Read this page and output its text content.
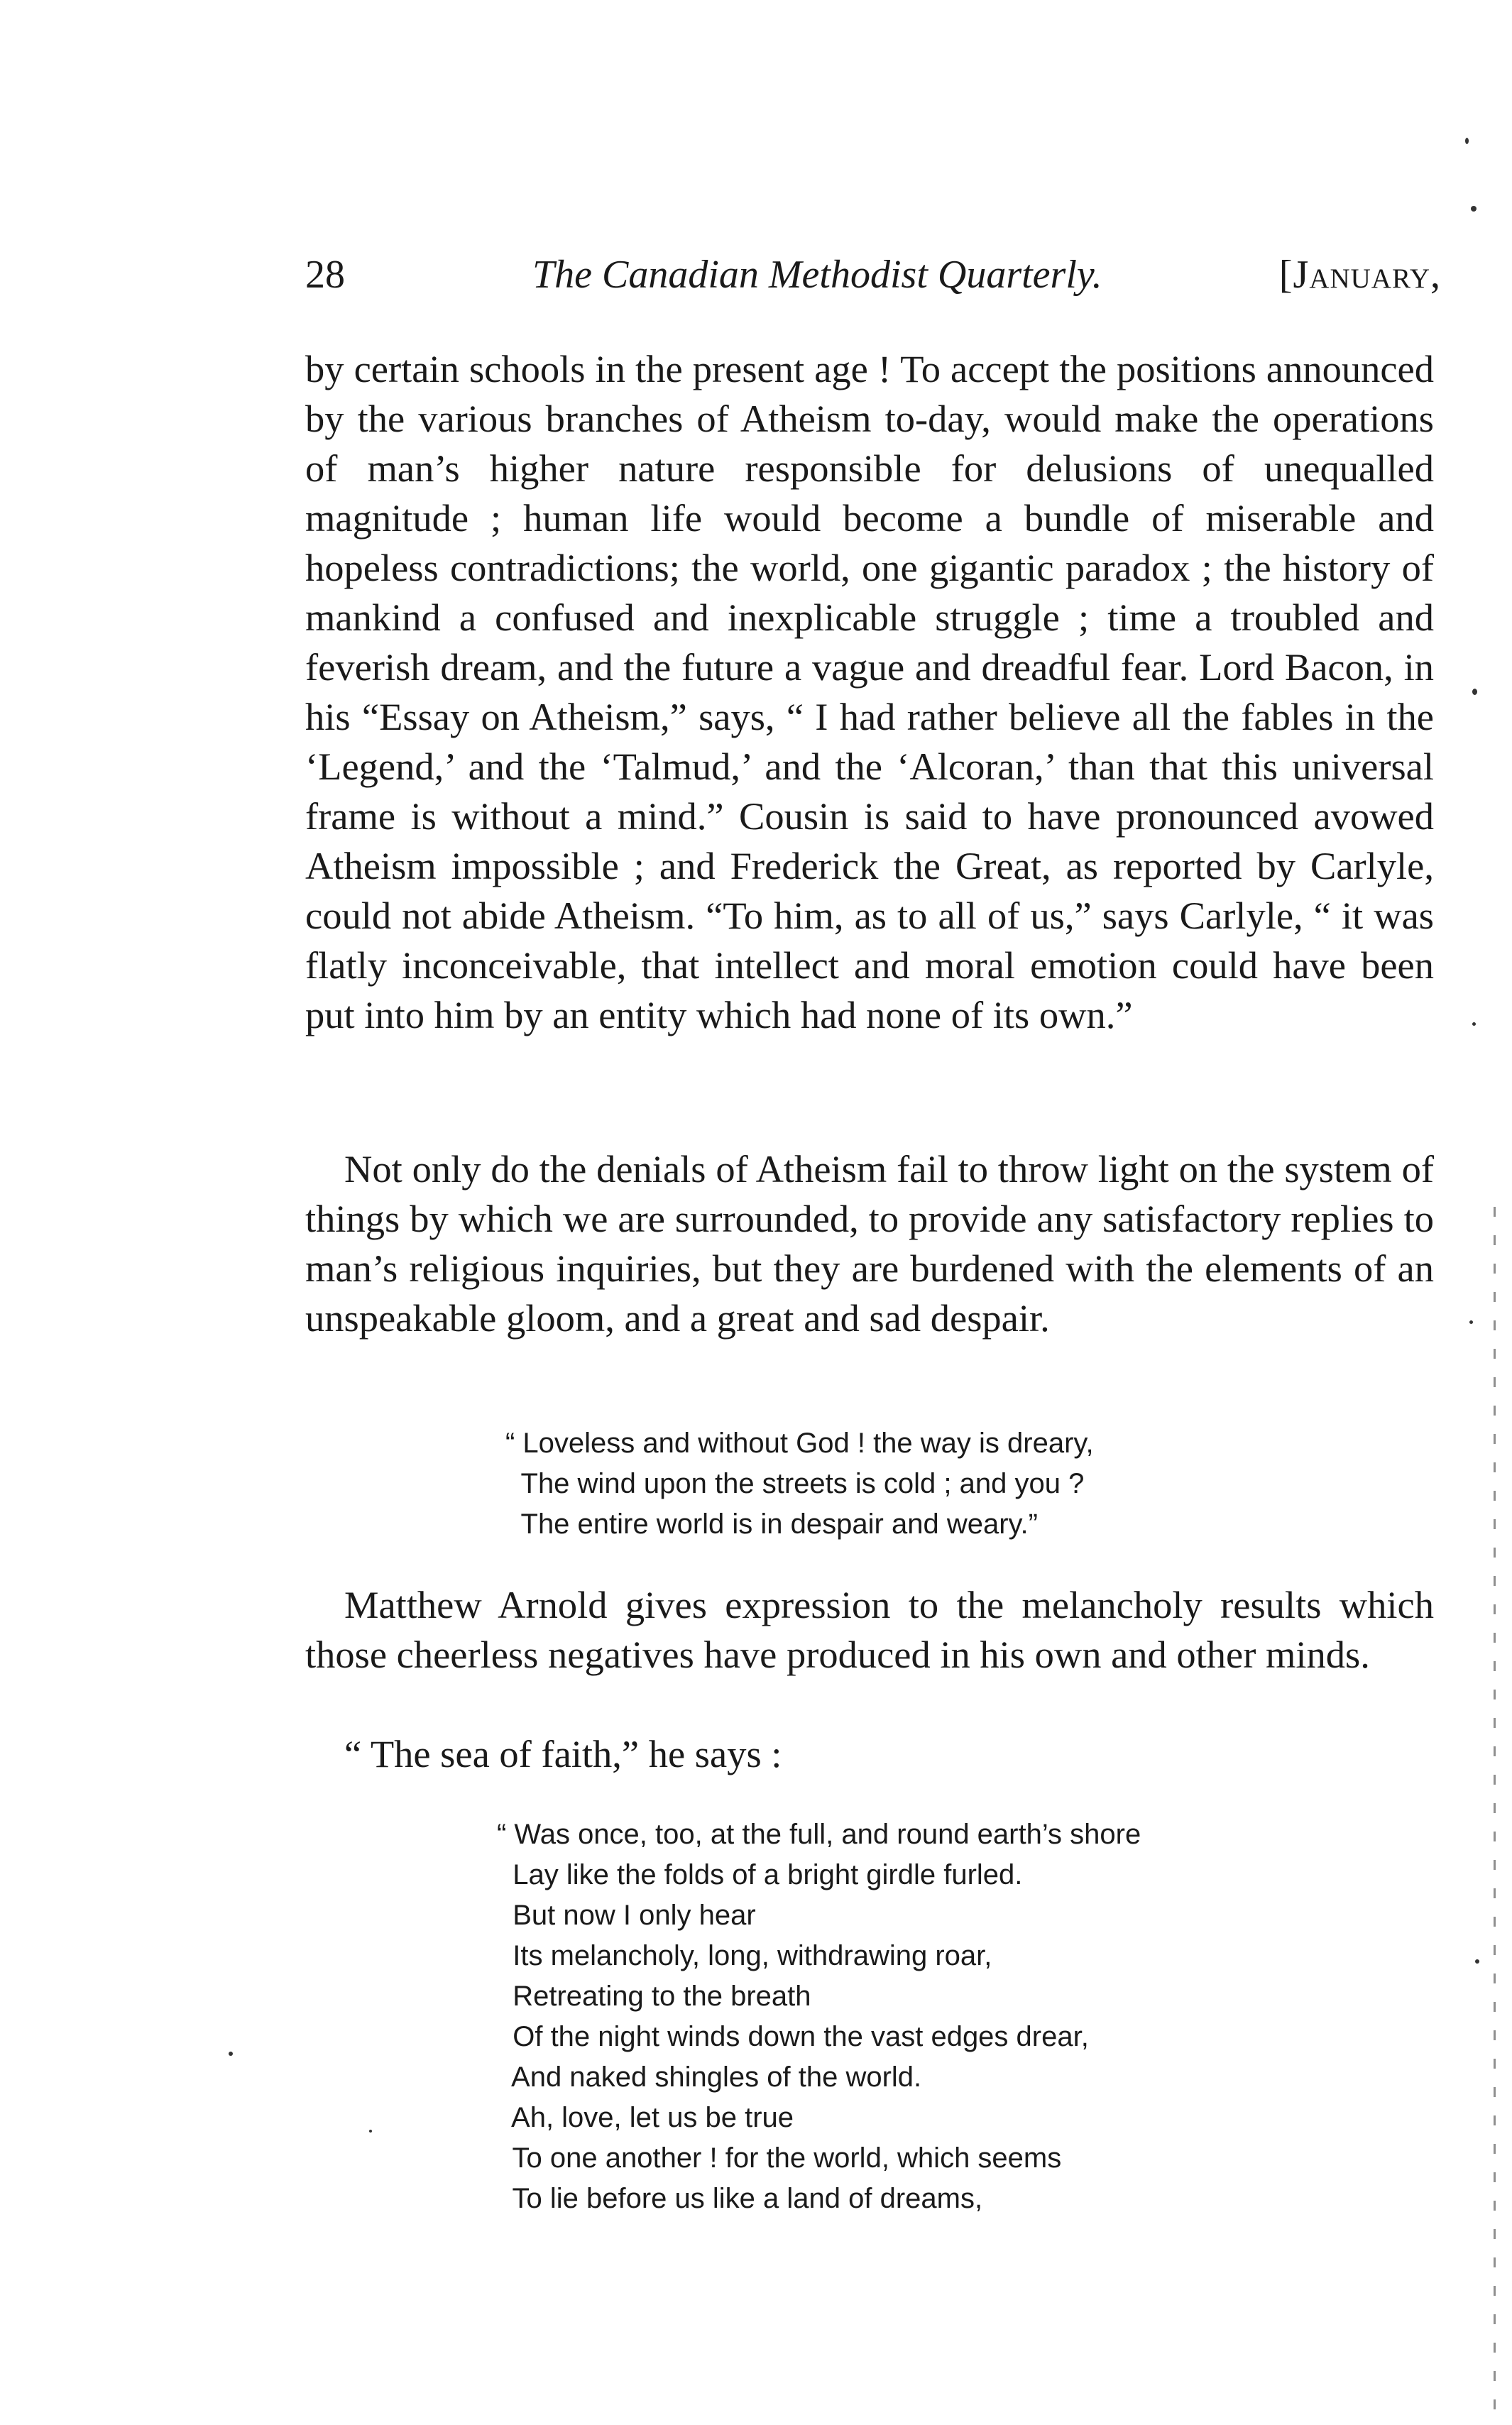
28	The Canadian Methodist Quarterly.	[January,

by certain schools in the present age ! To accept the positions announced by the various branches of Atheism to-day, would make the operations of man’s higher nature responsible for delusions of unequalled magnitude ; human life would become a bundle of miserable and hopeless contradictions; the world, one gigantic paradox ; the history of mankind a confused and inexplicable struggle ; time a troubled and feverish dream, and the future a vague and dreadful fear. Lord Bacon, in his “Essay on Atheism,” says, “ I had rather believe all the fables in the ‘Legend,’ and the ‘Talmud,’ and the ‘Alcoran,’ than that this universal frame is without a mind.” Cousin is said to have pronounced avowed Atheism impossible ; and Frederick the Great, as reported by Carlyle, could not abide Atheism. “To him, as to all of us,” says Carlyle, “ it was flatly inconceivable, that intellect and moral emotion could have been put into him by an entity which had none of its own.”

Not only do the denials of Atheism fail to throw light on the system of things by which we are surrounded, to provide any satisfactory replies to man’s religious inquiries, but they are burdened with the elements of an unspeakable gloom, and a great and sad despair.

“ Loveless and without God ! the way is dreary,
The wind upon the streets is cold ; and you ?
The entire world is in despair and weary.”

Matthew Arnold gives expression to the melancholy results which those cheerless negatives have produced in his own and other minds.

“ The sea of faith,” he says :

“ Was once, too, at the full, and round earth’s shore
Lay like the folds of a bright girdle furled.
But now I only hear
Its melancholy, long, withdrawing roar,
Retreating to the breath
Of the night winds down the vast edges drear,
And naked shingles of the world.
Ah, love, let us be true
To one another ! for the world, which seems
To lie before us like a land of dreams,
